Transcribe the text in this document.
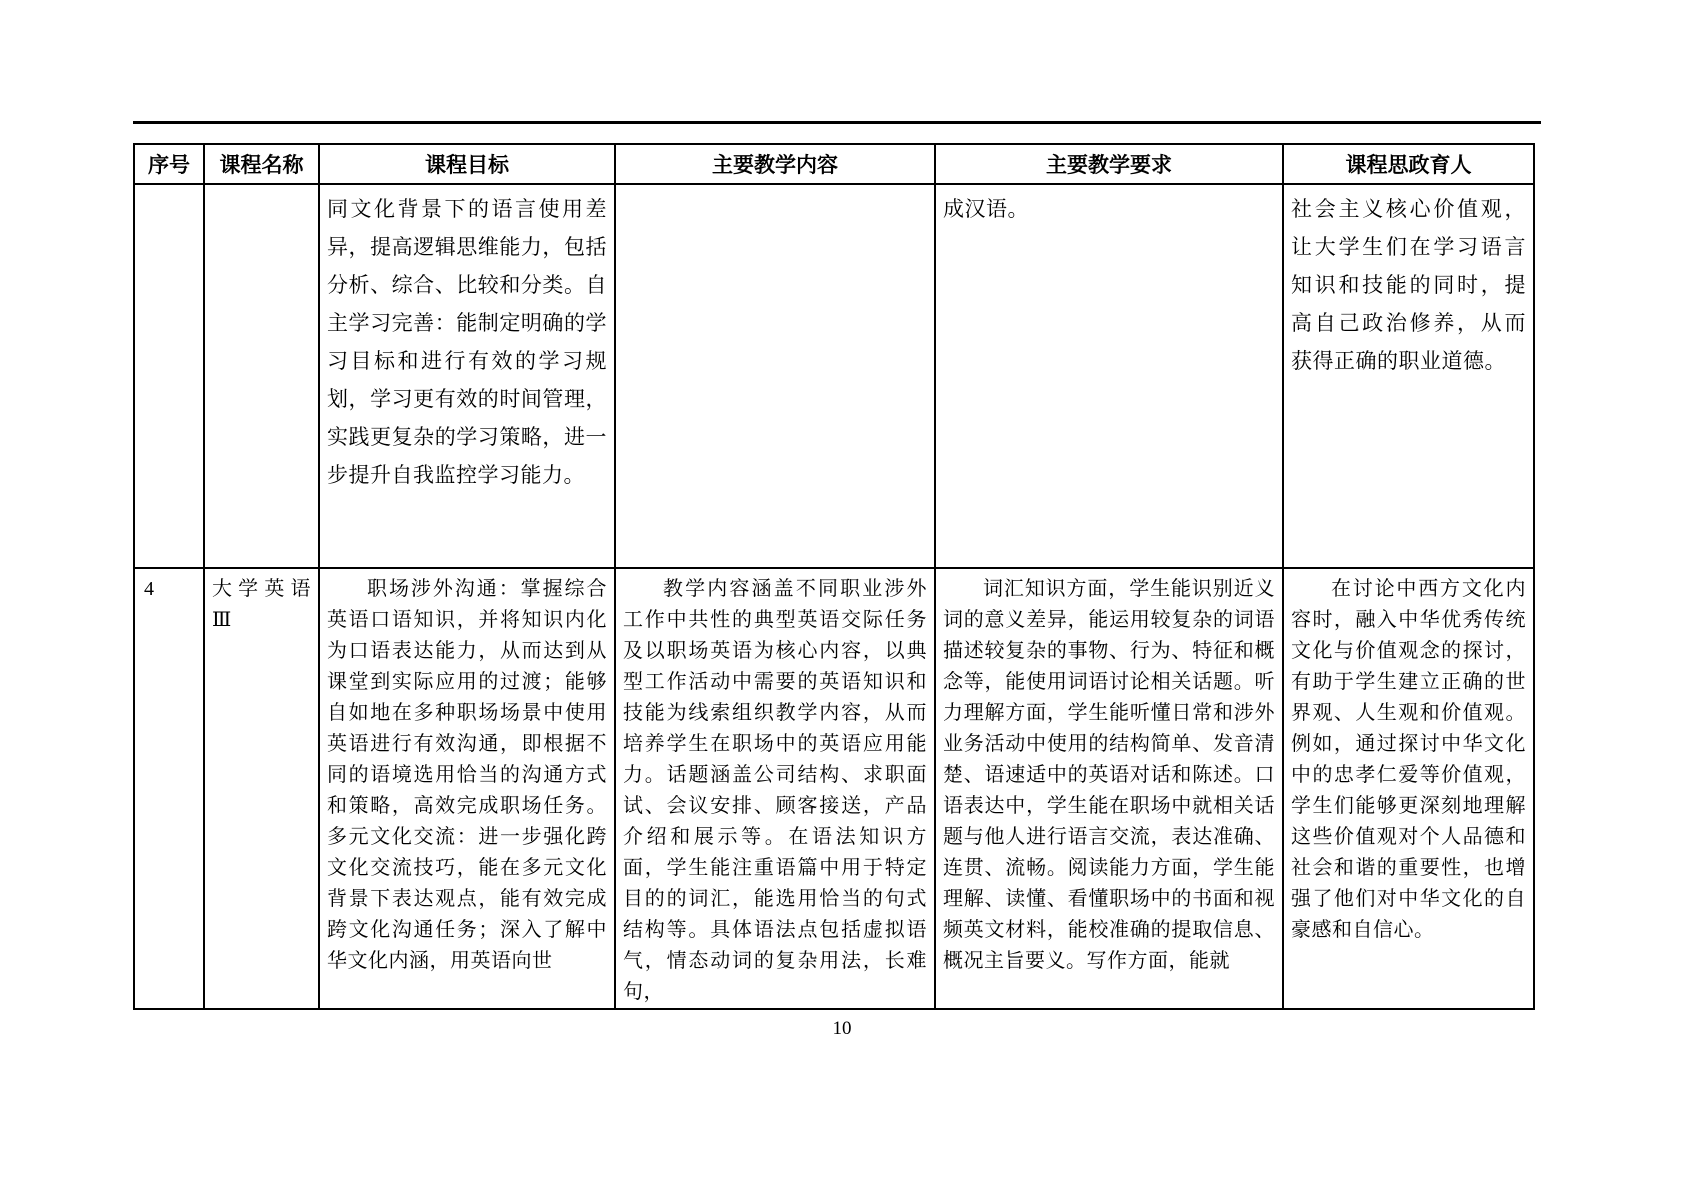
序号	课程名称	课程目标	主要教学内容	主要教学要求	课程思政育人

		同文化背景下的语言使用差异，提高逻辑思维能力，包括分析、综合、比较和分类。自主学习完善：能制定明确的学习目标和进行有效的学习规划，学习更有效的时间管理，实践更复杂的学习策略，进一步提升自我监控学习能力。		成汉语。	社会主义核心价值观，让大学生们在学习语言知识和技能的同时，提高自己政治修养，从而获得正确的职业道德。

4	大学英语Ⅲ	职场涉外沟通：掌握综合英语口语知识，并将知识内化为口语表达能力，从而达到从课堂到实际应用的过渡；能够自如地在多种职场场景中使用英语进行有效沟通，即根据不同的语境选用恰当的沟通方式和策略，高效完成职场任务。多元文化交流：进一步强化跨文化交流技巧，能在多元文化背景下表达观点，能有效完成跨文化沟通任务；深入了解中华文化内涵，用英语向世	教学内容涵盖不同职业涉外工作中共性的典型英语交际任务及以职场英语为核心内容，以典型工作活动中需要的英语知识和技能为线索组织教学内容，从而培养学生在职场中的英语应用能力。话题涵盖公司结构、求职面试、会议安排、顾客接送，产品介绍和展示等。在语法知识方面，学生能注重语篇中用于特定目的的词汇，能选用恰当的句式结构等。具体语法点包括虚拟语气，情态动词的复杂用法，长难句，	词汇知识方面，学生能识别近义词的意义差异，能运用较复杂的词语描述较复杂的事物、行为、特征和概念等，能使用词语讨论相关话题。听力理解方面，学生能听懂日常和涉外业务活动中使用的结构简单、发音清楚、语速适中的英语对话和陈述。口语表达中，学生能在职场中就相关话题与他人进行语言交流，表达准确、连贯、流畅。阅读能力方面，学生能理解、读懂、看懂职场中的书面和视频英文材料，能校准确的提取信息、概况主旨要义。写作方面，能就	在讨论中西方文化内容时，融入中华优秀传统文化与价值观念的探讨，有助于学生建立正确的世界观、人生观和价值观。例如，通过探讨中华文化中的忠孝仁爱等价值观，学生们能够更深刻地理解这些价值观对个人品德和社会和谐的重要性，也增强了他们对中华文化的自豪感和自信心。
10
